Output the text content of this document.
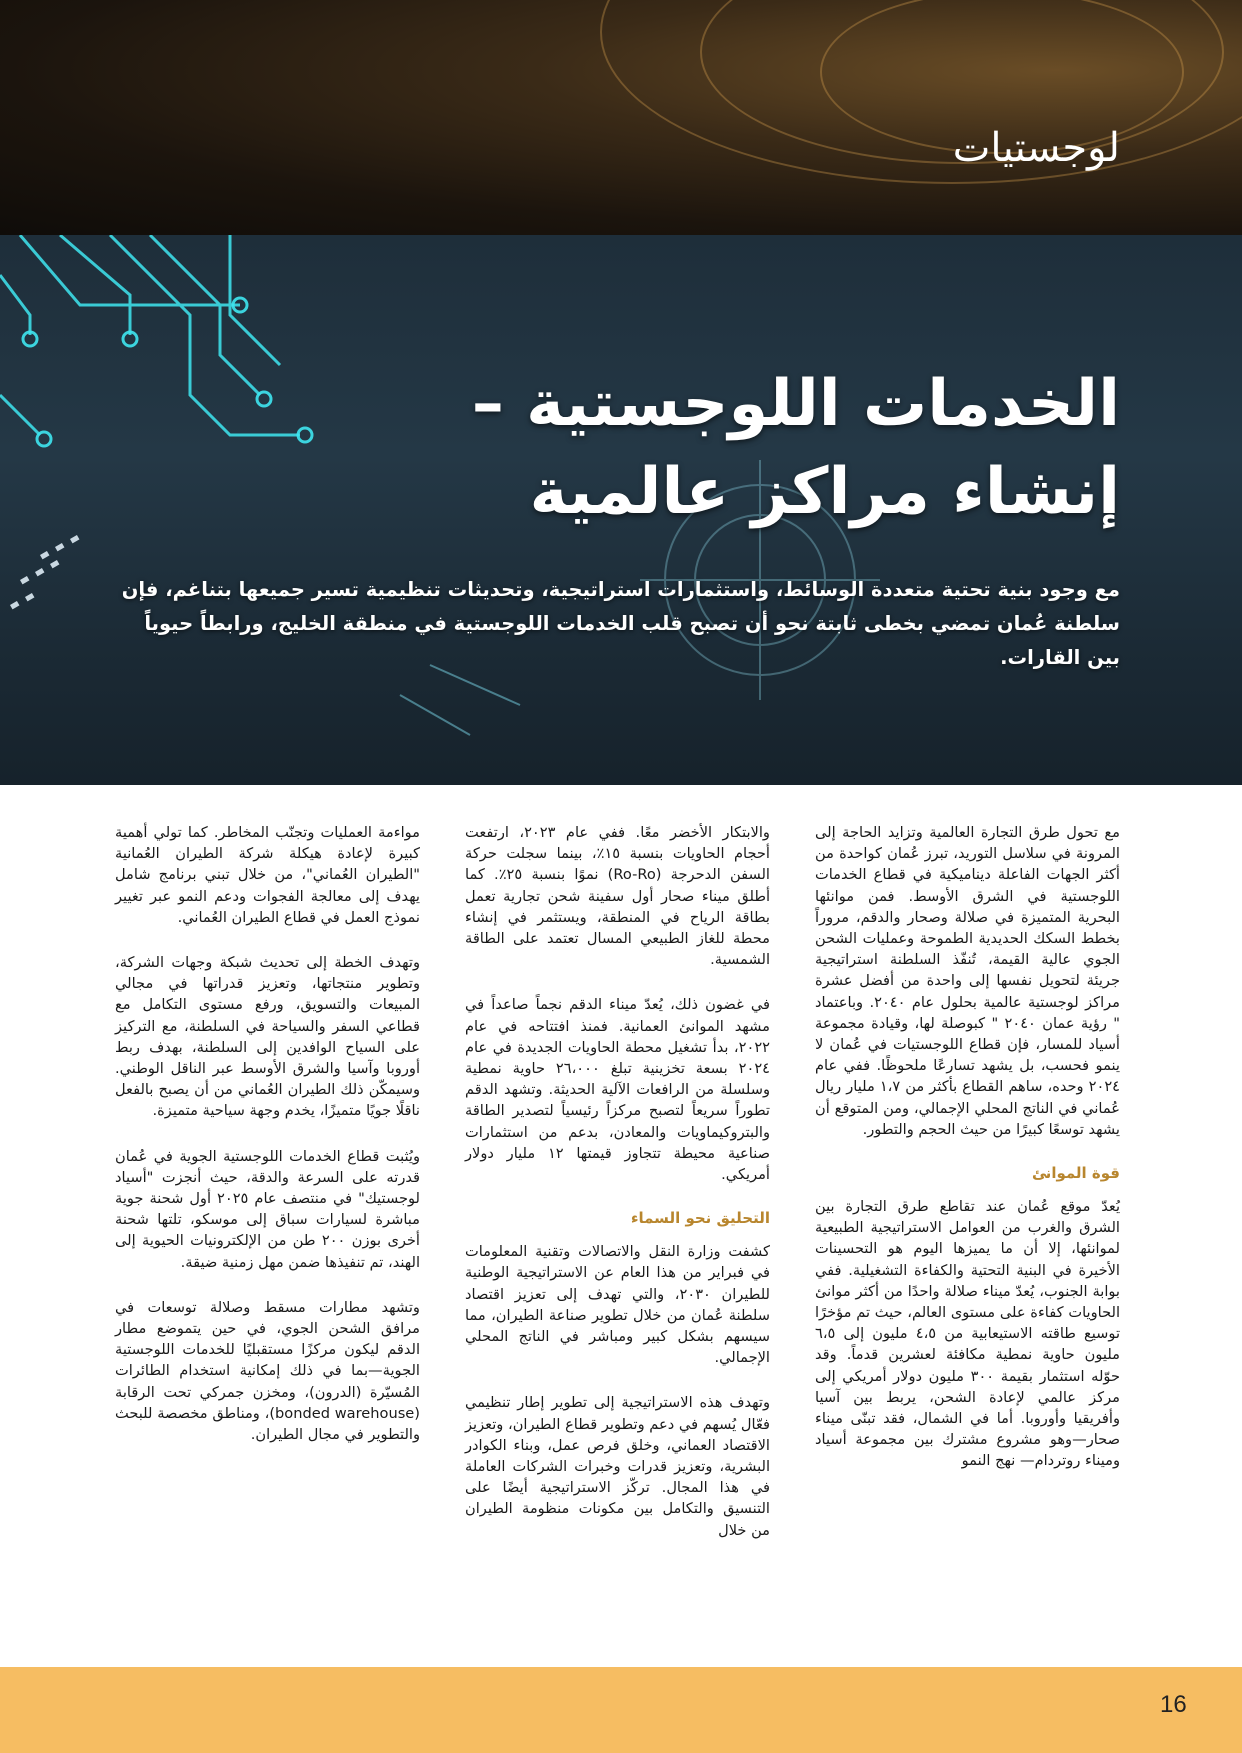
لوجستيات
الخدمات اللوجستية –
إنشاء مراكز عالمية
مع وجود بنية تحتية متعددة الوسائط، واستثمارات استراتيجية، وتحديثات تنظيمية تسير جميعها بتناغم، فإن سلطنة عُمان تمضي بخطى ثابتة نحو أن تصبح قلب الخدمات اللوجستية في منطقة الخليج، ورابطاً حيوياً بين القارات.

مع تحول طرق التجارة العالمية وتزايد الحاجة إلى المرونة في سلاسل التوريد، تبرز عُمان كواحدة من أكثر الجهات الفاعلة ديناميكية في قطاع الخدمات اللوجستية في الشرق الأوسط. فمن موانئها البحرية المتميزة في صلالة وصحار والدقم، مروراً بخطط السكك الحديدية الطموحة وعمليات الشحن الجوي عالية القيمة، تُنفّذ السلطنة استراتيجية جريئة لتحويل نفسها إلى واحدة من أفضل عشرة مراكز لوجستية عالمية بحلول عام ٢٠٤٠. وباعتماد " رؤية عمان ٢٠٤٠ " كبوصلة لها، وقيادة مجموعة أسياد للمسار، فإن قطاع اللوجستيات في عُمان لا ينمو فحسب، بل يشهد تسارعًا ملحوظًا. ففي عام ٢٠٢٤ وحده، ساهم القطاع بأكثر من ١،٧ مليار ريال عُماني في الناتج المحلي الإجمالي، ومن المتوقع أن يشهد توسعًا كبيرًا من حيث الحجم والتطور.

قوة الموانئ

يُعدّ موقع عُمان عند تقاطع طرق التجارة بين الشرق والغرب من العوامل الاستراتيجية الطبيعية لموانئها، إلا أن ما يميزها اليوم هو التحسينات الأخيرة في البنية التحتية والكفاءة التشغيلية. ففي بوابة الجنوب، يُعدّ ميناء صلالة واحدًا من أكثر موانئ الحاويات كفاءة على مستوى العالم، حيث تم مؤخرًا توسيع طاقته الاستيعابية من ٤،٥ مليون إلى ٦،٥ مليون حاوية نمطية مكافئة لعشرين قدماً. وقد حوّله استثمار بقيمة ٣٠٠ مليون دولار أمريكي إلى مركز عالمي لإعادة الشحن، يربط بين آسيا وأفريقيا وأوروبا. أما في الشمال، فقد تبنّى ميناء صحار—وهو مشروع مشترك بين مجموعة أسياد وميناء روتردام— نهج النمو

والابتكار الأخضر معًا. ففي عام ٢٠٢٣، ارتفعت أحجام الحاويات بنسبة ١٥٪، بينما سجلت حركة السفن الدحرجة (Ro-Ro) نموًا بنسبة ٢٥٪. كما أطلق ميناء صحار أول سفينة شحن تجارية تعمل بطاقة الرياح في المنطقة، ويستثمر في إنشاء محطة للغاز الطبيعي المسال تعتمد على الطاقة الشمسية.

في غضون ذلك، يُعدّ ميناء الدقم نجماً صاعداً في مشهد الموانئ العمانية. فمنذ افتتاحه في عام ٢٠٢٢، بدأ تشغيل محطة الحاويات الجديدة في عام ٢٠٢٤ بسعة تخزينية تبلغ ٢٦،٠٠٠ حاوية نمطية وسلسلة من الرافعات الآلية الحديثة. وتشهد الدقم تطوراً سريعاً لتصبح مركزاً رئيسياً لتصدير الطاقة والبتروكيماويات والمعادن، بدعم من استثمارات صناعية محيطة تتجاوز قيمتها ١٢ مليار دولار أمريكي.

التحليق نحو السماء

كشفت وزارة النقل والاتصالات وتقنية المعلومات في فبراير من هذا العام عن الاستراتيجية الوطنية للطيران ٢٠٣٠، والتي تهدف إلى تعزيز اقتصاد سلطنة عُمان من خلال تطوير صناعة الطيران، مما سيسهم بشكل كبير ومباشر في الناتج المحلي الإجمالي.

وتهدف هذه الاستراتيجية إلى تطوير إطار تنظيمي فعّال يُسهم في دعم وتطوير قطاع الطيران، وتعزيز الاقتصاد العماني، وخلق فرص عمل، وبناء الكوادر البشرية، وتعزيز قدرات وخبرات الشركات العاملة في هذا المجال. تركّز الاستراتيجية أيضًا على التنسيق والتكامل بين مكونات منظومة الطيران من خلال

مواءمة العمليات وتجنّب المخاطر. كما تولي أهمية كبيرة لإعادة هيكلة شركة الطيران العُمانية "الطيران العُماني"، من خلال تبني برنامج شامل يهدف إلى معالجة الفجوات ودعم النمو عبر تغيير نموذج العمل في قطاع الطيران العُماني.

وتهدف الخطة إلى تحديث شبكة وجهات الشركة، وتطوير منتجاتها، وتعزيز قدراتها في مجالي المبيعات والتسويق، ورفع مستوى التكامل مع قطاعي السفر والسياحة في السلطنة، مع التركيز على السياح الوافدين إلى السلطنة، بهدف ربط أوروبا وآسيا والشرق الأوسط عبر الناقل الوطني. وسيمكّن ذلك الطيران العُماني من أن يصبح بالفعل ناقلًا جويًا متميزًا، يخدم وجهة سياحية متميزة.

ويُثبت قطاع الخدمات اللوجستية الجوية في عُمان قدرته على السرعة والدقة، حيث أنجزت "أسياد لوجستيك" في منتصف عام ٢٠٢٥ أول شحنة جوية مباشرة لسيارات سباق إلى موسكو، تلتها شحنة أخرى بوزن ٢٠٠ طن من الإلكترونيات الحيوية إلى الهند، تم تنفيذها ضمن مهل زمنية ضيقة.

وتشهد مطارات مسقط وصلالة توسعات في مرافق الشحن الجوي، في حين يتموضع مطار الدقم ليكون مركزًا مستقبليًا للخدمات اللوجستية الجوية—بما في ذلك إمكانية استخدام الطائرات المُسيّرة (الدرون)، ومخزن جمركي تحت الرقابة (bonded warehouse)، ومناطق مخصصة للبحث والتطوير في مجال الطيران.

16
